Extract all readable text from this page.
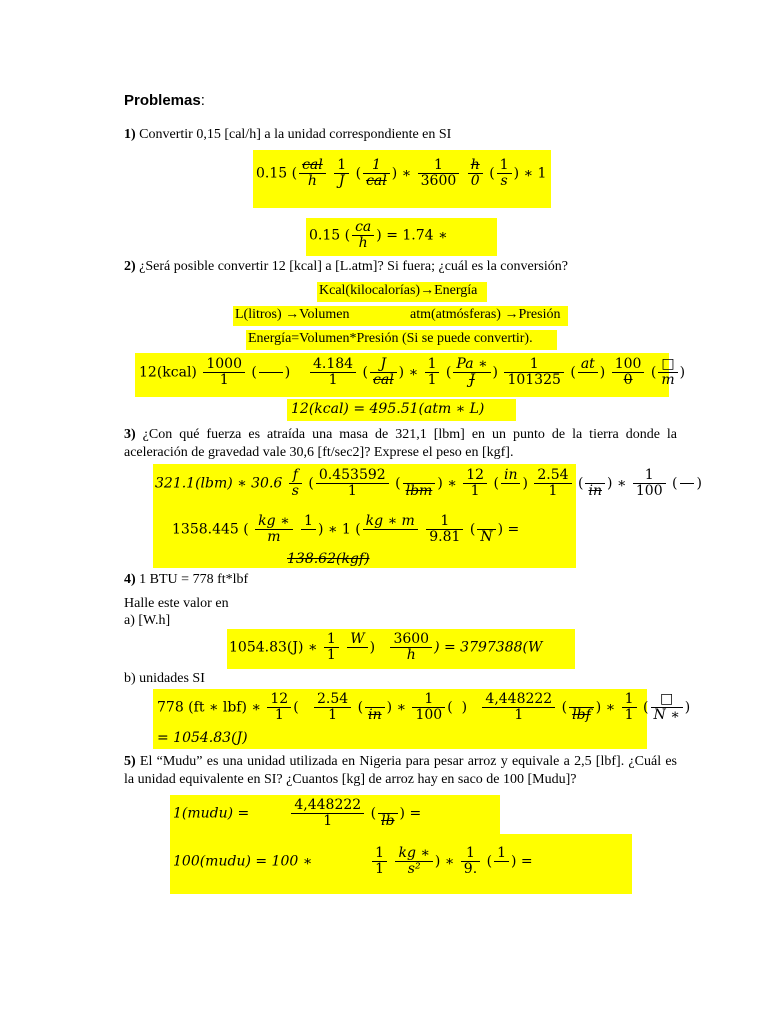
Problemas:
1) Convertir 0,15 [cal/h] a la unidad correspondiente en SI
0.15 ( $\frac{\text{cal}}{h}$
$\frac{1}{J}$ ( $\frac{1}{\text{cal}}$ ) ∗ $\frac{1}{3600}$
$\frac{h}{0}$ ( $\frac{1}{s}$ ) ∗ 1
0.15 ( $\frac{ca}{h}$ ) = 1.74 ∗
2) ¿Será posible convertir 12 [kcal] a [L.atm]? Si fuera; ¿cuál es la conversión?
Kcal(kilocalorías)→Energía
L(litros) →Volumen	atm(atmósferas) →Presión
Energía=Volumen*Presión (Si se puede convertir).
12(kcal) $\frac{1000}{1}$ (

) $\frac{4.184}{1}$ ( $\frac{J}{\text{cal}}$ ) ∗ $\frac{1}{1}$ ( $\frac{Pa ∗}{J}$ ) $\frac{1}{101325}$ (
at

) $\frac{100}{0}$ ( $\frac{□}{m}$ )
12(kcal) = 495.51(atm ∗ L)
3) ¿Con qué fuerza es atraída una masa de 321,1 [lbm] en un punto de la tierra donde la aceleración de gravedad vale 30,6 [ft/sec2]? Exprese el peso en [kgf].
321.1(lbm) ∗ $30.6 \frac{f}{s}$ ( $\frac{0.453592}{1}$ (
lbm ) ∗ $\frac{12}{1}$ (
in

) $\frac{2.54}{1}$ (
in ) ∗ $\frac{1}{100}$ (

)
1358.445 ( $\frac{kg ∗}{m}$
1

) ∗ 1 (
kg ∗ m

$\frac{1}{9.81}$ (
N ) =
138.62(kgf)
4) 1 BTU = 778 ft*lbf
Halle este valor en
a) [W.h]
1054.83(J) ∗ $\frac{1}{1}$
W

) $\frac{3600}{h}$ ) = 3797388(W
b) unidades SI
778 (ft ∗ lbf) ∗ $\frac{12}{1}$ ( $\frac{2.54}{1}$ (
in ) ∗ $\frac{1}{100}$ (  ) $\frac{4,448222}{1}$ (
lbf ) ∗ $\frac{1}{1}$ ( $\frac{□}{N ∗}$ )
= 1054.83(J)
5) El “Mudu” es una unidad utilizada en Nigeria para pesar arroz y equivale a 2,5 [lbf]. ¿Cuál es la unidad equivalente en SI? ¿Cuantos [kg] de arroz hay en saco de 100 [Mudu]?
1(mudu) =	$\frac{4,448222}{1}$ (
lb ) =
100(mudu) = 100 ∗	$\frac{1}{1}$
$\frac{kg ∗}{\text{s²}}$ ) ∗ $\frac{1}{9.}$ (
1

) =
